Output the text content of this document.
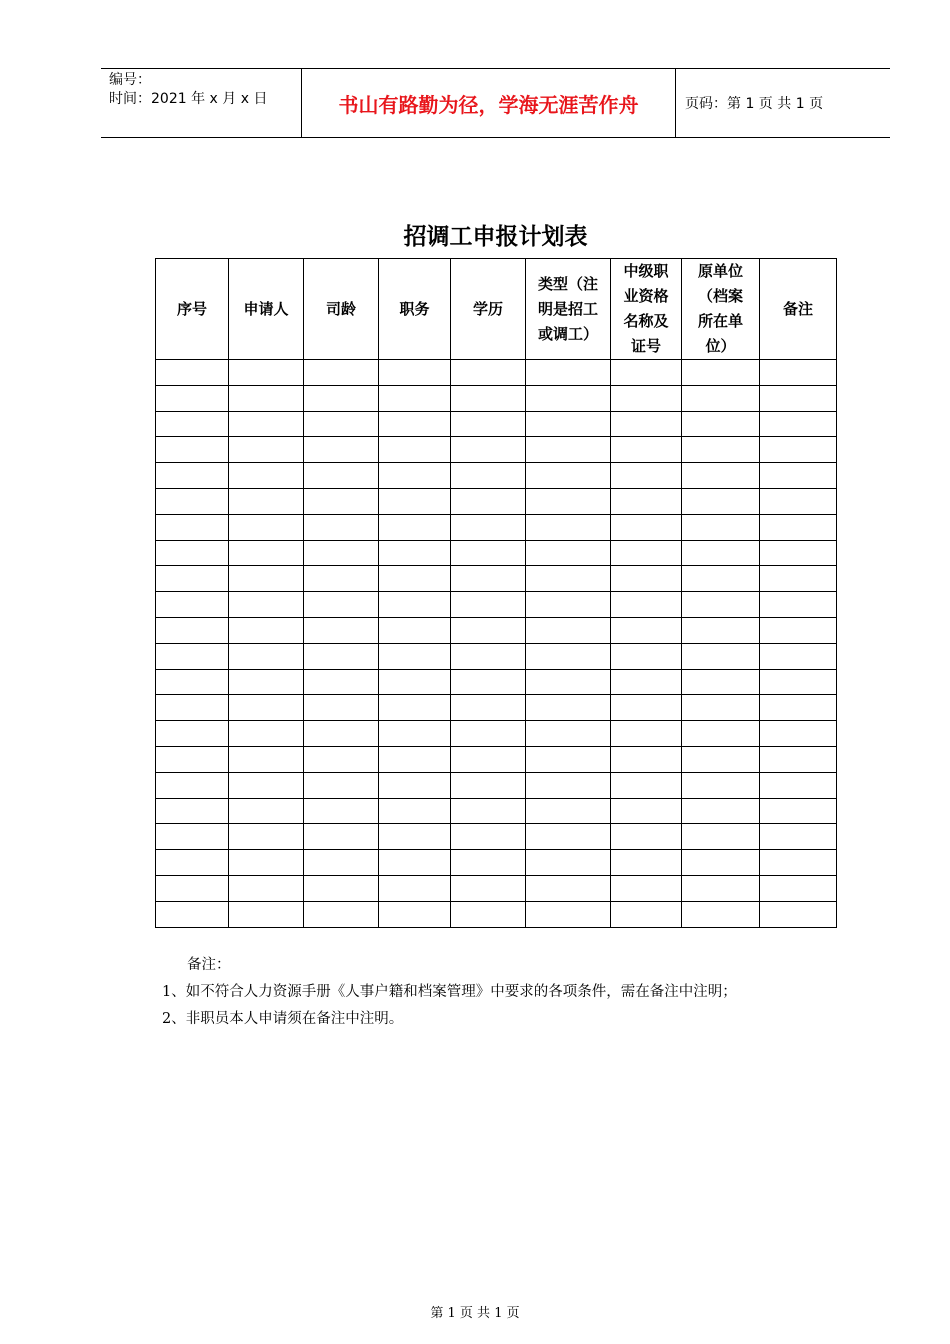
编号：
时间：2021 年 x 月 x 日	书山有路勤为径，学海无涯苦作舟	页码：第 1 页 共 1 页
招调工申报计划表
序号	申请人	司龄	职务	学历	类型（注
明是招工
或调工）	中级职
业资格
名称及
证号	原单位
（档案
所在单
位）	备注

备注：
1、如不符合人力资源手册《人事户籍和档案管理》中要求的各项条件，需在备注中注明；
2、非职员本人申请须在备注中注明。
第 1 页 共 1 页
